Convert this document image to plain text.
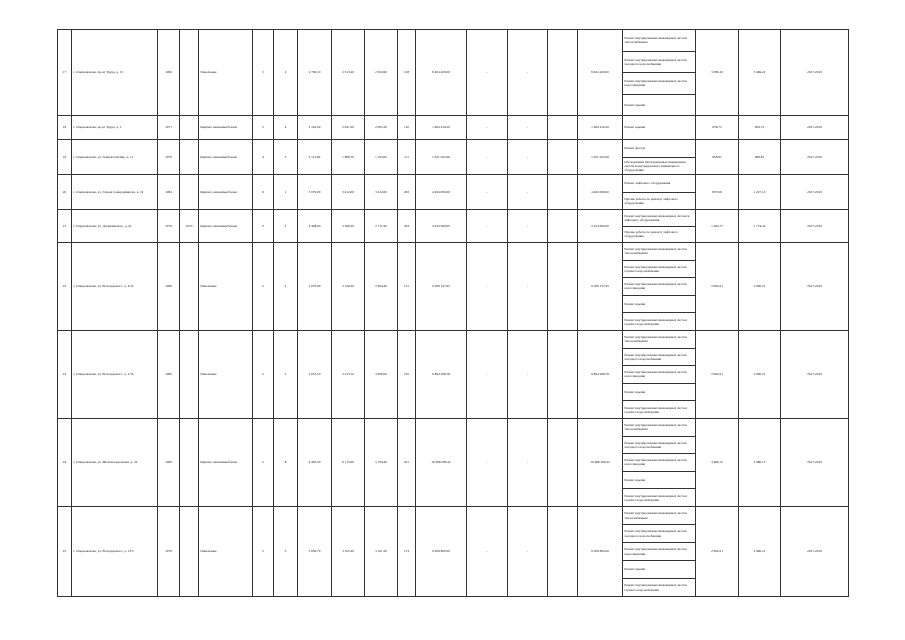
17	г. Озерновскова, пр-кт Труда, д. 15	1960		Панельные	5	2	2 790,10	2 513,20	2 504,90	128	8 404 420,00	-	-		8 404 420,00	Ремонт внутридомовых инженерных систем теплоснабжения
Ремонт внутридомовых инженерных систем холодного водоснабжения
Ремонт внутридомовых инженерных систем водоотведения
Ремонт крыши	3 386,10	3 469,22	2017-2019
18	г. Озерновскова, пр-кт Труда, д. 5	1971		Кирпич. каменные/блоки	5	4	2 192,00	2 047,20	2 005,20	110	1 664 416,20	-	-		1 664 416,20	Ремонт крыши	659,72	659,72	2017-2019
19	г. Озерновскова, ул. Генерала Бойка, д. 11	1976		Кирпич. каменные/блоки	4	3	2 113,90	1 889,70	1 193,00	111	1 931 022,06	-	-		1 931 022,06	Ремонт фасада
Обследование внутридомовых инженерных систем и внутридомового инженерного оборудования	968,81	968,81	2017-2019
20	г. Озерновскова, ул. Героев Северодвинска, д. 19	1984		Кирпич. каменные/блоки	9	1	3 979,00	3 412,00	3 412,00	203	4 404 000,00	-	-		4 404 000,00	Ремонт лифтового оборудования
Прочие работы по ремонту лифтового оборудования	837,66	1 227,10	2017-2019
21	г. Озерновскова, ул. Дзержинского, д. 41	1979	1979	Кирпич. каменные/блоки	9	2	4 398,00	3 399,20	2 711,90	203	2 024 000,00	-	-		5 324 000,00	Ремонт внутридомовых инженерных систем и лифтового оборудования
Прочие работы по ремонту лифтового оборудования	1 462,77	1 774,42	2017-2019
22	г. Озерновскова, ул. Володарского, д. 11/6	1966		Панельные	5	4	3 070,80	3 130,20	2 994,40	131	9 308 137,95	-	-		9 308 137,95	Ремонт внутридомовых инженерных систем теплоснабжения
Ремонт внутридомовых инженерных систем горячего водоснабжения
Ремонт внутридомовых инженерных систем водоотведения
Ремонт крыши
Ремонт внутридомовых инженерных систем горячего водоснабжения	2 960,21	2 960,21	2017-2019
23	г. Озерновскова, ул. Володарского, д. 17/6	1960		Панельные	5	5	3 657,10	3 215,70	3 006,00	165	9 894 268,78	-	-		9 894 268,78	Ремонт внутридомовых инженерных систем теплоснабжения
Ремонт внутридомовых инженерных систем холодного водоснабжения
Ремонт внутридомовых инженерных систем водоотведения
Ремонт крыши
Ремонт внутридомовых инженерных систем горячего водоснабжения	2 060,21	2 960,21	2017-2019
24	г. Озерновскова, ул. Железнодорожная, д. 32	1969		Кирпич. каменные/блоки	5	8	6 493,30	6 115,60	5 794,40	291	16 488 280,42	-	-		16 488 280,42	Ремонт внутридомовых инженерных систем теплоснабжения
Ремонт внутридомовых инженерных систем холодного водоснабжения
Ремонт внутридомовых инженерных систем водоотведения
Ремонт крыши
Ремонт внутридомовых инженерных систем горячего водоснабжения	3 480,15	3 480,15	2017-2019
25	г. Озерновскова, ул. Володарского, д. 13/5	1970		Панельные	5	5	3 656,70	3 325,20	3 161,20	174	9 208 800,00	-	-		9 208 800,00	Ремонт внутридомовых инженерных систем теплоснабжения
Ремонт внутридомовых инженерных систем холодного водоснабжения
Ремонт внутридомовых инженерных систем водоотведения
Ремонт крыши
Ремонт внутридомовых инженерных систем горячего водоснабжения	2 960,21	2 960,21	2017-2019
